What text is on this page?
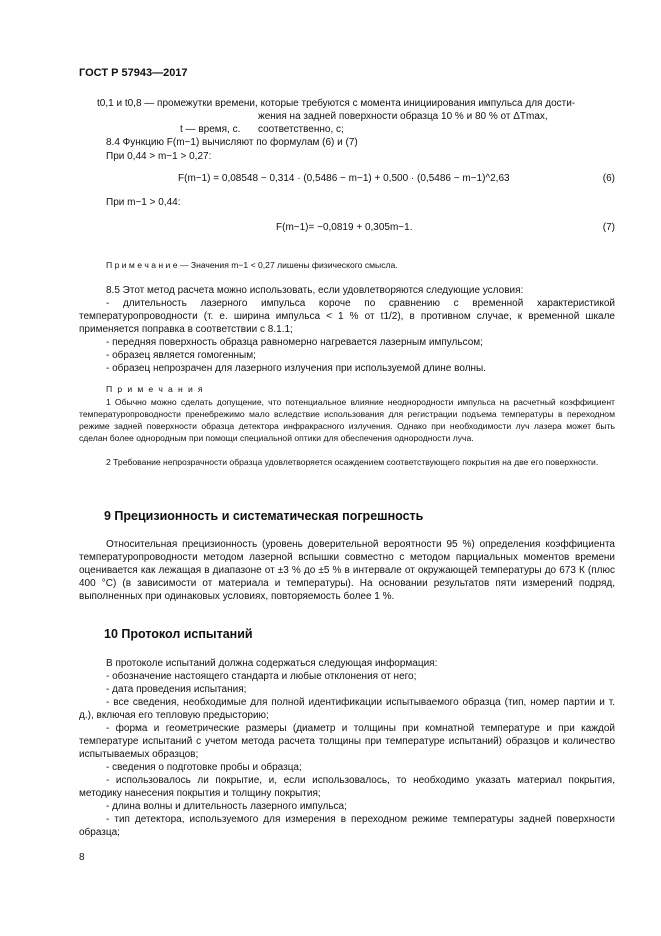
ГОСТ Р 57943—2017
t0,1 и t0,8 — промежутки времени, которые требуются с момента инициирования импульса для дости-
жения на задней поверхности образца 10 % и 80 % от ΔTmax, соответственно, с;
t — время, с.
8.4 Функцию F(m−1) вычисляют по формулам (6) и (7)
При 0,44 > m−1 > 0,27:
F(m−1) = 0,08548 − 0,314 · (0,5486 − m−1) + 0,500 · (0,5486 − m−1)^2,63	(6)
При m−1 > 0,44:
F(m−1)= −0,0819 + 0,305m−1.	(7)
П р и м е ч а н и е — Значения m−1 < 0,27 лишены физического смысла.
8.5 Этот метод расчета можно использовать, если удовлетворяются следующие условия:
- длительность лазерного импульса короче по сравнению с временной характеристикой температуропроводности (т. е. ширина импульса < 1 % от t1/2), в противном случае, к временной шкале применяется поправка в соответствии с 8.1.1;
- передняя поверхность образца равномерно нагревается лазерным импульсом;
- образец является гомогенным;
- образец непрозрачен для лазерного излучения при используемой длине волны.
П р и м е ч а н и я
1 Обычно можно сделать допущение, что потенциальное влияние неоднородности импульса на расчетный коэффициент температуропроводности пренебрежимо мало вследствие использования для регистрации подъема температуры в переходном режиме задней поверхности образца детектора инфракрасного излучения. Однако при необходимости луч лазера может быть сделан более однородным при помощи специальной оптики для обеспечения однородности луча.
2 Требование непрозрачности образца удовлетворяется осаждением соответствующего покрытия на две его поверхности.
9 Прецизионность и систематическая погрешность
Относительная прецизионность (уровень доверительной вероятности 95 %) определения коэффициента температуропроводности методом лазерной вспышки совместно с методом парциальных моментов времени оценивается как лежащая в диапазоне от ±3 % до ±5 % в интервале от окружающей температуры до 673 К (плюс 400 °С) (в зависимости от материала и температуры). На основании результатов пяти измерений подряд, выполненных при одинаковых условиях, повторяемость более 1 %.
10 Протокол испытаний
В протоколе испытаний должна содержаться следующая информация:
- обозначение настоящего стандарта и любые отклонения от него;
- дата проведения испытания;
- все сведения, необходимые для полной идентификации испытываемого образца (тип, номер партии и т. д.), включая его тепловую предысторию;
- форма и геометрические размеры (диаметр и толщины при комнатной температуре и при каждой температуре испытаний с учетом метода расчета толщины при температуре испытаний) образцов и количество испытываемых образцов;
- сведения о подготовке пробы и образца;
- использовалось ли покрытие, и, если использовалось, то необходимо указать материал покрытия, методику нанесения покрытия и толщину покрытия;
- длина волны и длительность лазерного импульса;
- тип детектора, используемого для измерения в переходном режиме температуры задней поверхности образца;
8
